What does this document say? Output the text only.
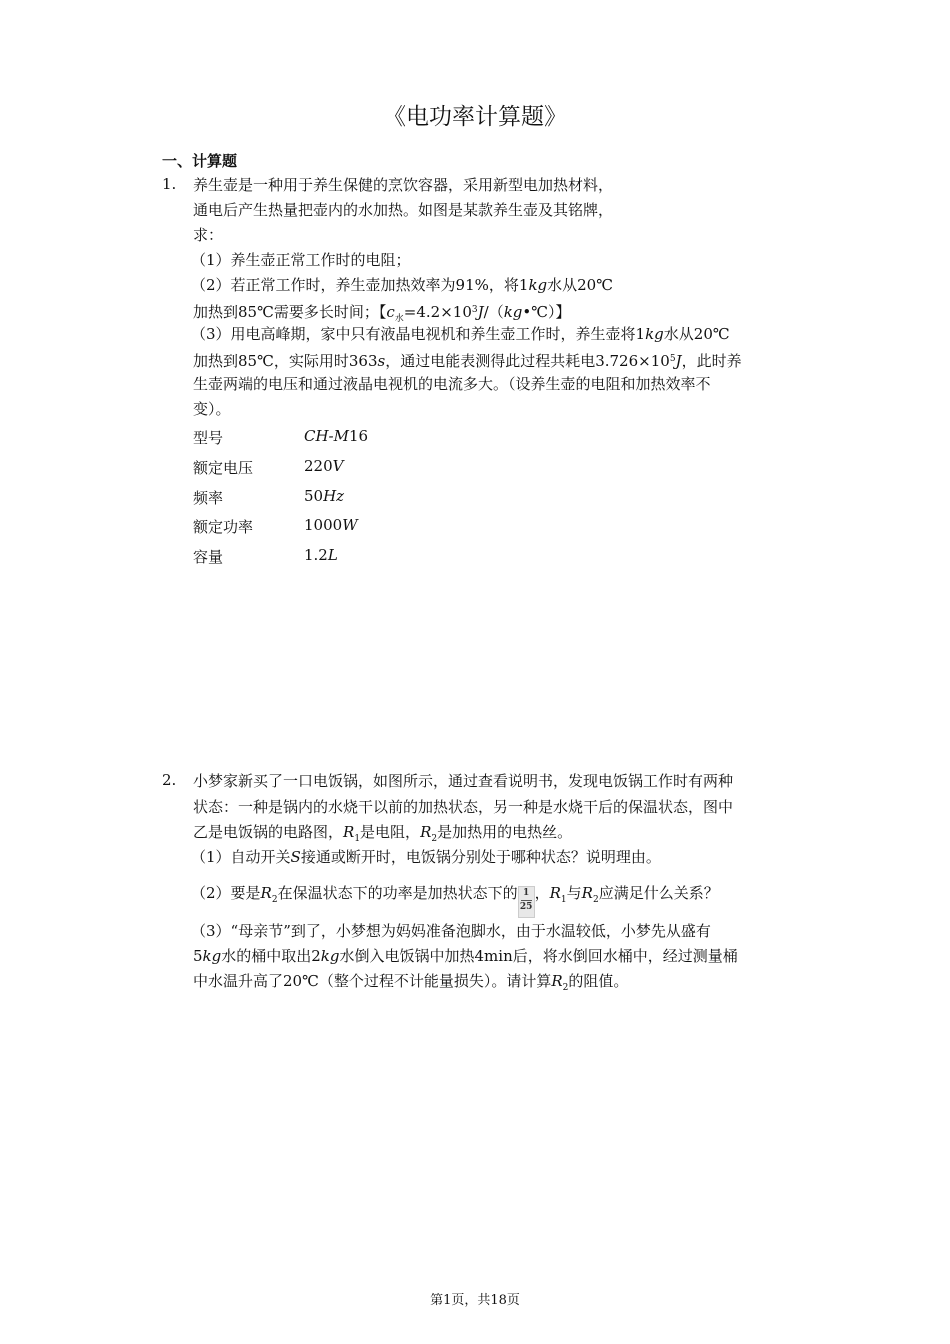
《电功率计算题》
一、计算题
1. 养生壶是一种用于养生保健的烹饮容器，采用新型电加热材料，
通电后产生热量把壶内的水加热。如图是某款养生壶及其铭牌，
求：
（1）养生壶正常工作时的电阻；
（2）若正常工作时，养生壶加热效率为91%，将1kg水从20℃
加热到85℃需要多长时间；【$c_水=4.2\times 10^3J/(kg•℃)$】
（3）用电高峰期，家中只有液晶电视机和养生壶工作时，养生壶将1kg水从20℃
加热到85℃，实际用时363s，通过电能表测得此过程共耗电$3.726\times 10^5J$，此时养
生壶两端的电压和通过液晶电视机的电流多大。（设养生壶的电阻和加热效率不
变）。
型号	CH-M16
额定电压	220V
频率	50Hz
额定功率	1000W
容量	1.2L
2. 小梦家新买了一口电饭锅，如图所示，通过查看说明书，发现电饭锅工作时有两种
状态：一种是锅内的水烧干以前的加热状态，另一种是水烧干后的保温状态，图中
乙是电饭锅的电路图，$R_1$是电阻，$R_2$是加热用的电热丝。
（1）自动开关S接通或断开时，电饭锅分别处于哪种状态？说明理由。
（2）要是$R_2$在保温状态下的功率是加热状态下的$\frac{1}{25}$，$R_1$与$R_2$应满足什么关系？
（3）“母亲节”到了，小梦想为妈妈准备泡脚水，由于水温较低，小梦先从盛有
5kg水的桶中取出2kg水倒入电饭锅中加热4min后，将水倒回水桶中，经过测量桶
中水温升高了20℃（整个过程不计能量损失）。请计算$R_2$的阻值。
第1页，共18页
